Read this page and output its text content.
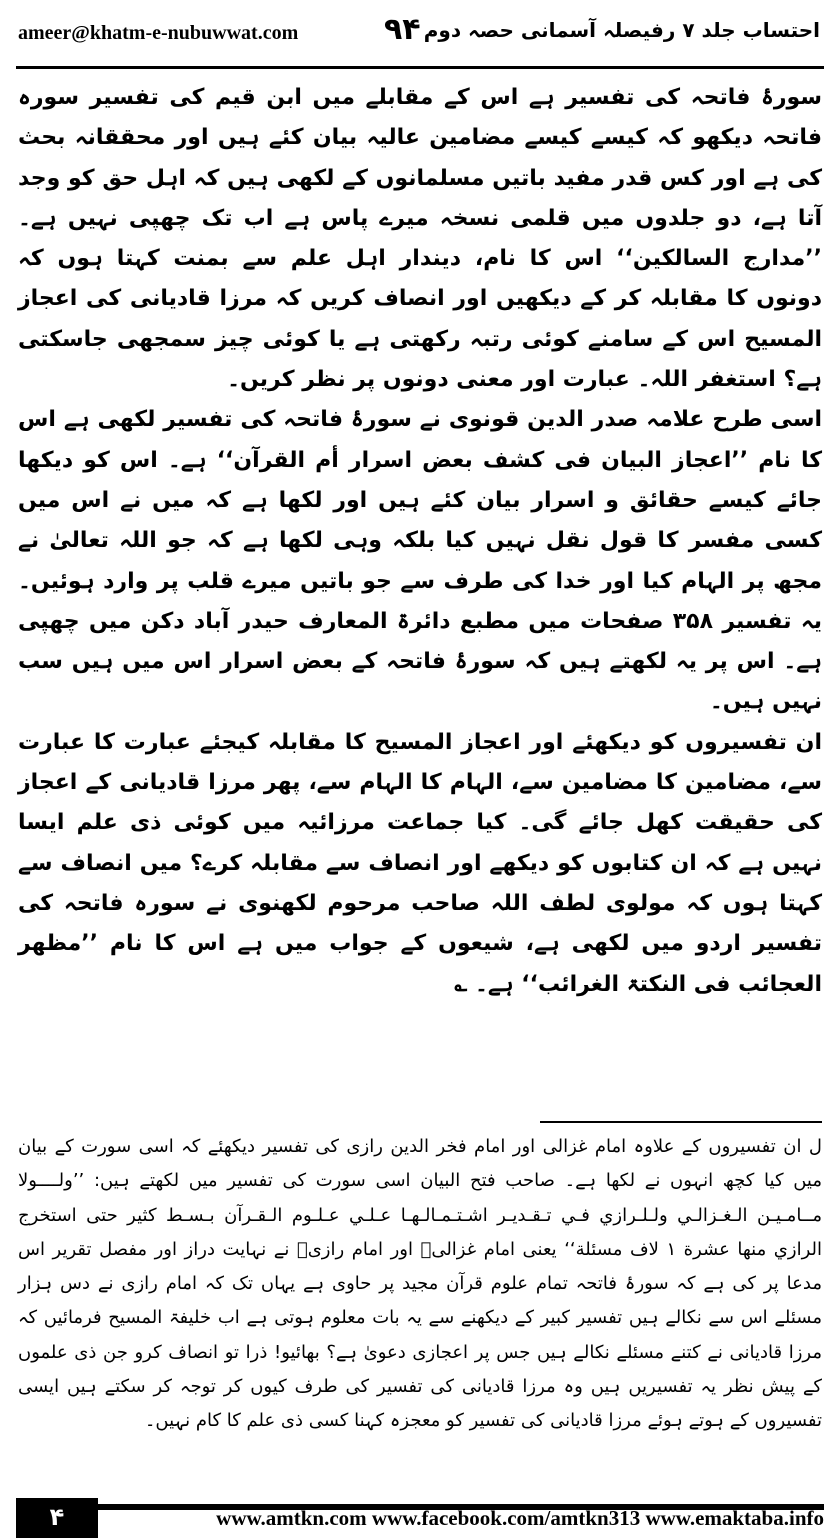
ameer@khatm-e-nubuwwat.com	۹۴ احتساب جلد ۷ رفیصلہ آسمانی حصہ دوم

سورۂ فاتحہ کی تفسیر ہے اس کے مقابلے میں ابن قیم کی تفسیر سورہ فاتحہ دیکھو کہ کیسے کیسے مضامین عالیہ بیان کئے ہیں اور محققانہ بحث کی ہے اور کس قدر مفید باتیں مسلمانوں کے لکھی ہیں کہ اہل حق کو وجد آتا ہے، دو جلدوں میں قلمی نسخہ میرے پاس ہے اب تک چھپی نہیں ہے۔ ’’مدارج السالکین‘‘ اس کا نام، دیندار اہل علم سے بمنت کہتا ہوں کہ دونوں کا مقابلہ کر کے دیکھیں اور انصاف کریں کہ مرزا قادیانی کی اعجاز المسیح اس کے سامنے کوئی رتبہ رکھتی ہے یا کوئی چیز سمجھی جاسکتی ہے؟ استغفر اللہ۔ عبارت اور معنی دونوں پر نظر کریں۔

اسی طرح علامہ صدر الدین قونوی نے سورۂ فاتحہ کی تفسیر لکھی ہے اس کا نام ’’اعجاز البیان فی کشف بعض اسرار أم القرآن‘‘ ہے۔ اس کو دیکھا جائے کیسے حقائق و اسرار بیان کئے ہیں اور لکھا ہے کہ میں نے اس میں کسی مفسر کا قول نقل نہیں کیا بلکہ وہی لکھا ہے کہ جو اللہ تعالیٰ نے مجھ پر الہام کیا اور خدا کی طرف سے جو باتیں میرے قلب پر وارد ہوئیں۔ یہ تفسیر ۳۵۸ صفحات میں مطبع دائرۃ المعارف حیدر آباد دکن میں چھپی ہے۔ اس پر یہ لکھتے ہیں کہ سورۂ فاتحہ کے بعض اسرار اس میں ہیں سب نہیں ہیں۔

ان تفسیروں کو دیکھئے اور اعجاز المسیح کا مقابلہ کیجئے عبارت کا عبارت سے، مضامین کا مضامین سے، الہام کا الہام سے، پھر مرزا قادیانی کے اعجاز کی حقیقت کھل جائے گی۔ کیا جماعت مرزائیہ میں کوئی ذی علم ایسا نہیں ہے کہ ان کتابوں کو دیکھے اور انصاف سے مقابلہ کرے؟ میں انصاف سے کہتا ہوں کہ مولوی لطف اللہ صاحب مرحوم لکھنوی نے سورہ فاتحہ کی تفسیر اردو میں لکھی ہے، شیعوں کے جواب میں ہے اس کا نام ’’مظھر العجائب فی النکتۃ الغرائب‘‘ ہے۔ ؎

ل ان تفسیروں کے علاوہ امام غزالی اور امام فخر الدین رازی کی تفسیر دیکھئے کہ اسی سورت کے بیان میں کیا کچھ انہوں نے لکھا ہے۔ صاحب فتح البیان اسی سورت کی تفسیر میں لکھتے ہیں: ’’ولــــولا مــامـيـن الـغـزالـي ولـلـرازي فـي تـقـديـر اشـتـمـالـهـا عـلـي عـلـوم الـقـرآن بـسـط كثير حتى استخرج الرازي منها عشرة ١ لاف مسئلة‘‘ یعنی امام غزالیؒ اور امام رازیؒ نے نہایت دراز اور مفصل تقریر اس مدعا پر کی ہے کہ سورۂ فاتحہ تمام علوم قرآن مجید پر حاوی ہے یہاں تک کہ امام رازی نے دس ہزار مسئلے اس سے نکالے ہیں تفسیر کبیر کے دیکھنے سے یہ بات معلوم ہوتی ہے اب خلیفۃ المسیح فرمائیں کہ مرزا قادیانی نے کتنے مسئلے نکالے ہیں جس پر اعجازی دعویٰ ہے؟ بھائیو! ذرا تو انصاف کرو جن ذی علموں کے پیش نظر یہ تفسیریں ہیں وہ مرزا قادیانی کی تفسیر کی طرف کیوں کر توجہ کر سکتے ہیں ایسی تفسیروں کے ہوتے ہوئے مرزا قادیانی کی تفسیر کو معجزہ کہنا کسی ذی علم کا کام نہیں۔

۴	www.amtkn.com www.facebook.com/amtkn313 www.emaktaba.info
